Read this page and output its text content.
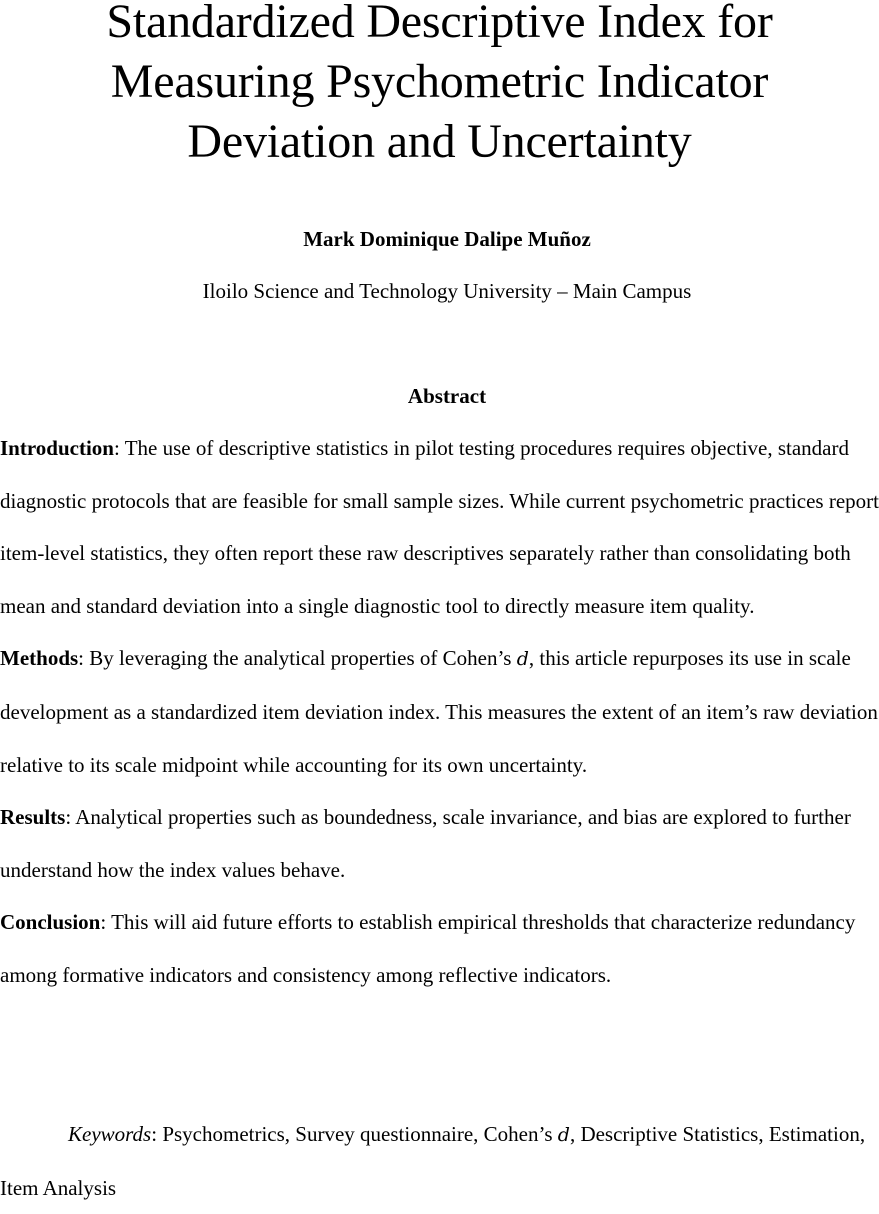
Standardized Descriptive Index for
Measuring Psychometric Indicator
Deviation and Uncertainty

Mark Dominique Dalipe Muñoz

Iloilo Science and Technology University – Main Campus

Abstract

Introduction: The use of descriptive statistics in pilot testing procedures requires objective, standard diagnostic protocols that are feasible for small sample sizes. While current psychometric practices report item-level statistics, they often report these raw descriptives separately rather than consolidating both mean and standard deviation into a single diagnostic tool to directly measure item quality.

Methods: By leveraging the analytical properties of Cohen’s d, this article repurposes its use in scale development as a standardized item deviation index. This measures the extent of an item’s raw deviation relative to its scale midpoint while accounting for its own uncertainty.

Results: Analytical properties such as boundedness, scale invariance, and bias are explored to further understand how the index values behave.

Conclusion: This will aid future efforts to establish empirical thresholds that characterize redundancy among formative indicators and consistency among reflective indicators.

Keywords: Psychometrics, Survey questionnaire, Cohen’s d, Descriptive Statistics, Estimation, Item Analysis
